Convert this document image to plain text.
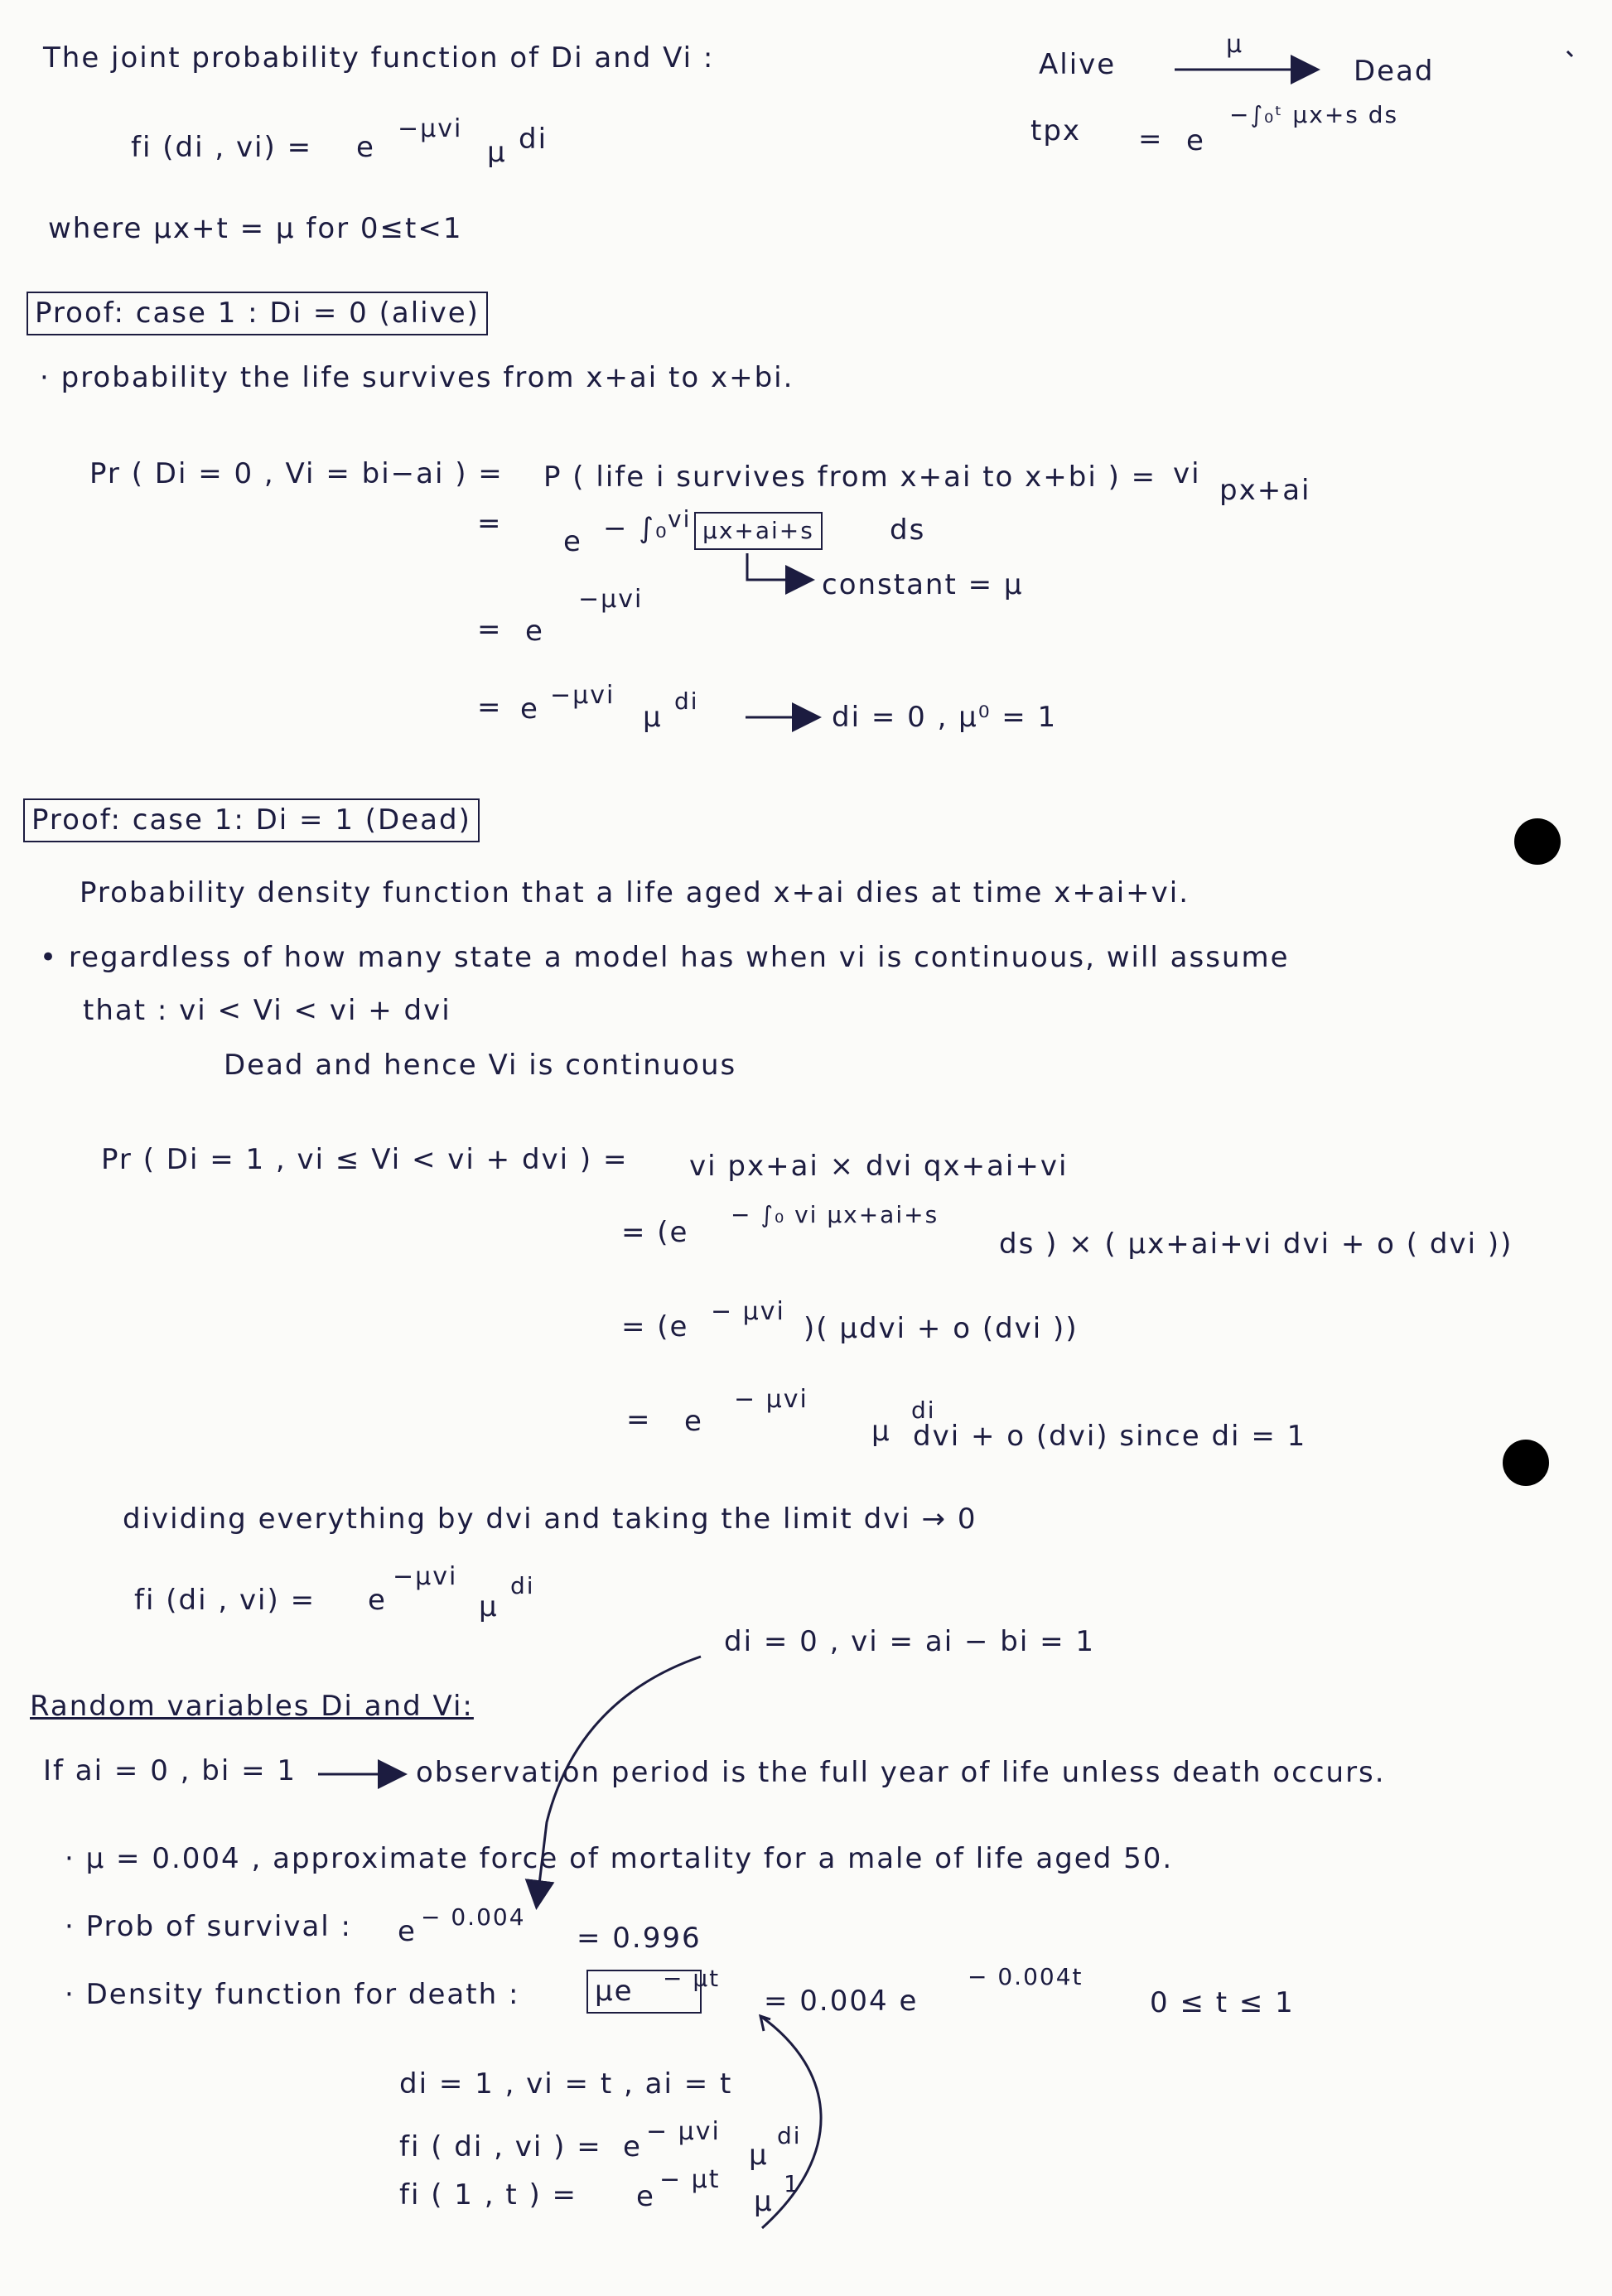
The joint probability function of Di and Vi :
fi (di , vi) = e
−μvi
μ di
where μx+t = μ for 0≤t<1
Alive
μ
Dead
tpx = e
−∫₀ᵗ μx+s ds
Proof: case 1 : Di = 0 (alive)
· probability the life survives from x+ai to x+bi.
Pr ( Di = 0 , Vi = bi−ai ) = P ( life i survives from x+ai to x+bi ) = vi px+ai
=
e − ∫₀ vi μx+ai+s	ds
constant = μ
= e
−μvi
= e −μvi
μ di	di = 0 , μ⁰ = 1
Proof: case 1: Di = 1 (Dead)
Probability density function that a life aged x+ai dies at time x+ai+vi.
• regardless of how many state a model has when vi is continuous, will assume
that : vi < Vi < vi + dvi
Dead and hence Vi is continuous
Pr ( Di = 1 , vi ≤ Vi < vi + dvi ) = vi px+ai × dvi qx+ai+vi
= (e
− ∫₀ vi μx+ai+s
ds ) × ( μx+ai+vi dvi + o ( dvi ))
= (e − μvi
)( μdvi + o (dvi ))
= e
− μvi
μ
di
dvi + o (dvi) since di = 1
dividing everything by dvi and taking the limit dvi → 0
fi (di , vi) = e
−μvi
μ
di
di = 0 , vi = ai − bi = 1
Random variables Di and Vi:
If ai = 0 , bi = 1	observation period is the full year of life unless death occurs.
· μ = 0.004 , approximate force of mortality for a male of life aged 50.
· Prob of survival : e − 0.004
= 0.996
· Density function for death :	μe	− μt
= 0.004 e
− 0.004t
0 ≤ t ≤ 1
di = 1 , vi = t , ai = t
fi ( di , vi ) = e − μvi
μ
di
fi ( 1 , t ) = e
− μt
μ
1
